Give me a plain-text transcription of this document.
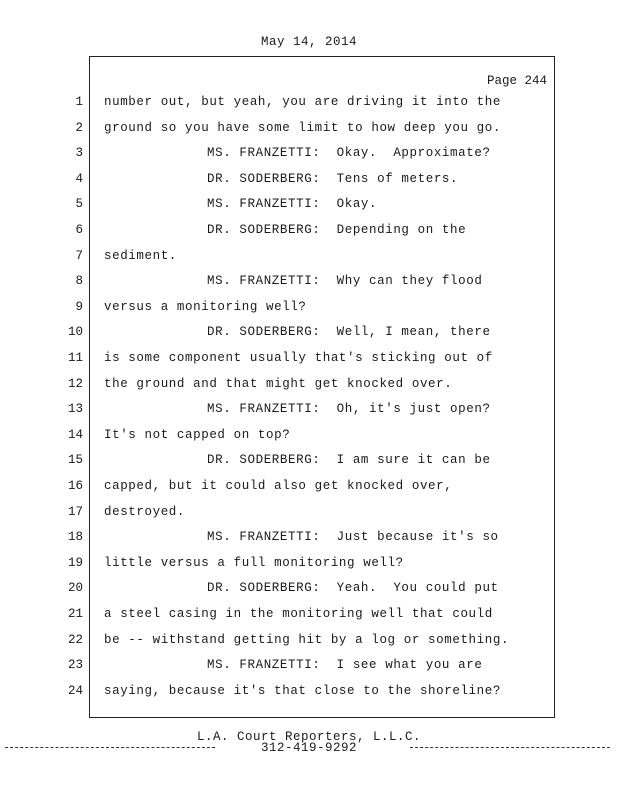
May 14, 2014
Page 244
1 number out, but yeah, you are driving it into the
2 ground so you have some limit to how deep you go.
3	MS. FRANZETTI:  Okay.  Approximate?
4	DR. SODERBERG:  Tens of meters.
5	MS. FRANZETTI:  Okay.
6	DR. SODERBERG:  Depending on the
7 sediment.
8	MS. FRANZETTI:  Why can they flood
9 versus a monitoring well?
10	DR. SODERBERG:  Well, I mean, there
11 is some component usually that's sticking out of
12 the ground and that might get knocked over.
13	MS. FRANZETTI:  Oh, it's just open?
14 It's not capped on top?
15	DR. SODERBERG:  I am sure it can be
16 capped, but it could also get knocked over,
17 destroyed.
18	MS. FRANZETTI:  Just because it's so
19 little versus a full monitoring well?
20	DR. SODERBERG:  Yeah.  You could put
21 a steel casing in the monitoring well that could
22 be -- withstand getting hit by a log or something.
23	MS. FRANZETTI:  I see what you are
24 saying, because it's that close to the shoreline?
L.A. Court Reporters, L.L.C.
312-419-9292
